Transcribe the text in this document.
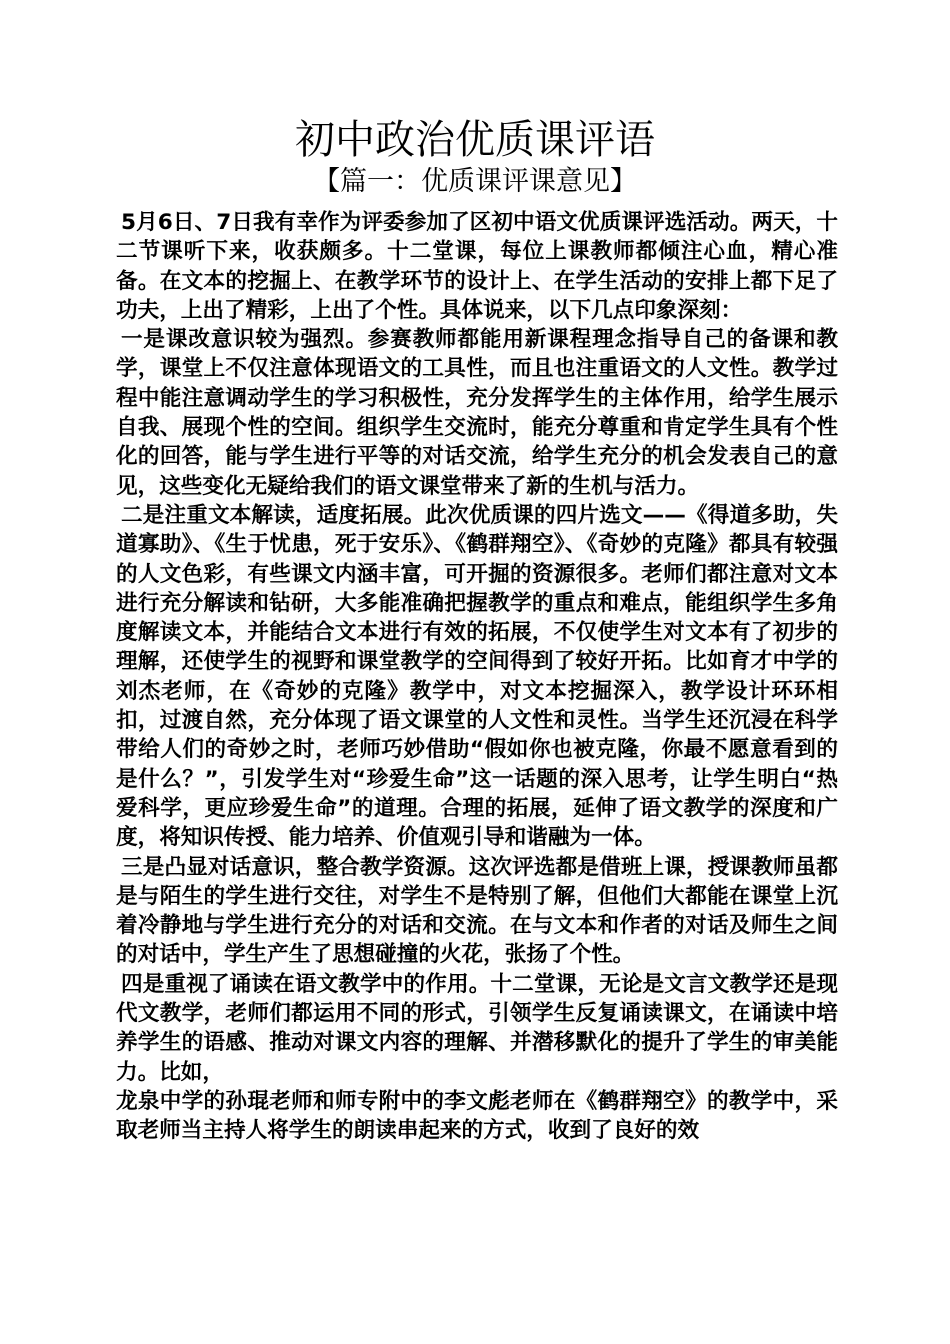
初中政治优质课评语
【篇一：优质课评课意见】

5月6日、7日我有幸作为评委参加了区初中语文优质课评选活动。两天，十二节课听下来，收获颇多。十二堂课，每位上课教师都倾注心血，精心准备。在文本的挖掘上、在教学环节的设计上、在学生活动的安排上都下足了功夫，上出了精彩，上出了个性。具体说来，以下几点印象深刻：

一是课改意识较为强烈。参赛教师都能用新课程理念指导自己的备课和教学，课堂上不仅注意体现语文的工具性，而且也注重语文的人文性。教学过程中能注意调动学生的学习积极性，充分发挥学生的主体作用，给学生展示自我、展现个性的空间。组织学生交流时，能充分尊重和肯定学生具有个性化的回答，能与学生进行平等的对话交流，给学生充分的机会发表自己的意见，这些变化无疑给我们的语文课堂带来了新的生机与活力。

二是注重文本解读，适度拓展。此次优质课的四片选文——《得道多助，失道寡助》、《生于忧患，死于安乐》、《鹤群翔空》、《奇妙的克隆》都具有较强的人文色彩，有些课文内涵丰富，可开掘的资源很多。老师们都注意对文本进行充分解读和钻研，大多能准确把握教学的重点和难点，能组织学生多角度解读文本，并能结合文本进行有效的拓展，不仅使学生对文本有了初步的理解，还使学生的视野和课堂教学的空间得到了较好开拓。比如育才中学的刘杰老师，在《奇妙的克隆》教学中，对文本挖掘深入，教学设计环环相扣，过渡自然，充分体现了语文课堂的人文性和灵性。当学生还沉浸在科学带给人们的奇妙之时，老师巧妙借助“假如你也被克隆，你最不愿意看到的是什么？”，引发学生对“珍爱生命”这一话题的深入思考，让学生明白“热爱科学，更应珍爱生命”的道理。合理的拓展，延伸了语文教学的深度和广度，将知识传授、能力培养、价值观引导和谐融为一体。

三是凸显对话意识，整合教学资源。这次评选都是借班上课，授课教师虽都是与陌生的学生进行交往，对学生不是特别了解，但他们大都能在课堂上沉着冷静地与学生进行充分的对话和交流。在与文本和作者的对话及师生之间的对话中，学生产生了思想碰撞的火花，张扬了个性。

四是重视了诵读在语文教学中的作用。十二堂课，无论是文言文教学还是现代文教学，老师们都运用不同的形式，引领学生反复诵读课文，在诵读中培养学生的语感、推动对课文内容的理解、并潜移默化的提升了学生的审美能力。比如，

龙泉中学的孙琨老师和师专附中的李文彪老师在《鹤群翔空》的教学中，采取老师当主持人将学生的朗读串起来的方式，收到了良好的效
